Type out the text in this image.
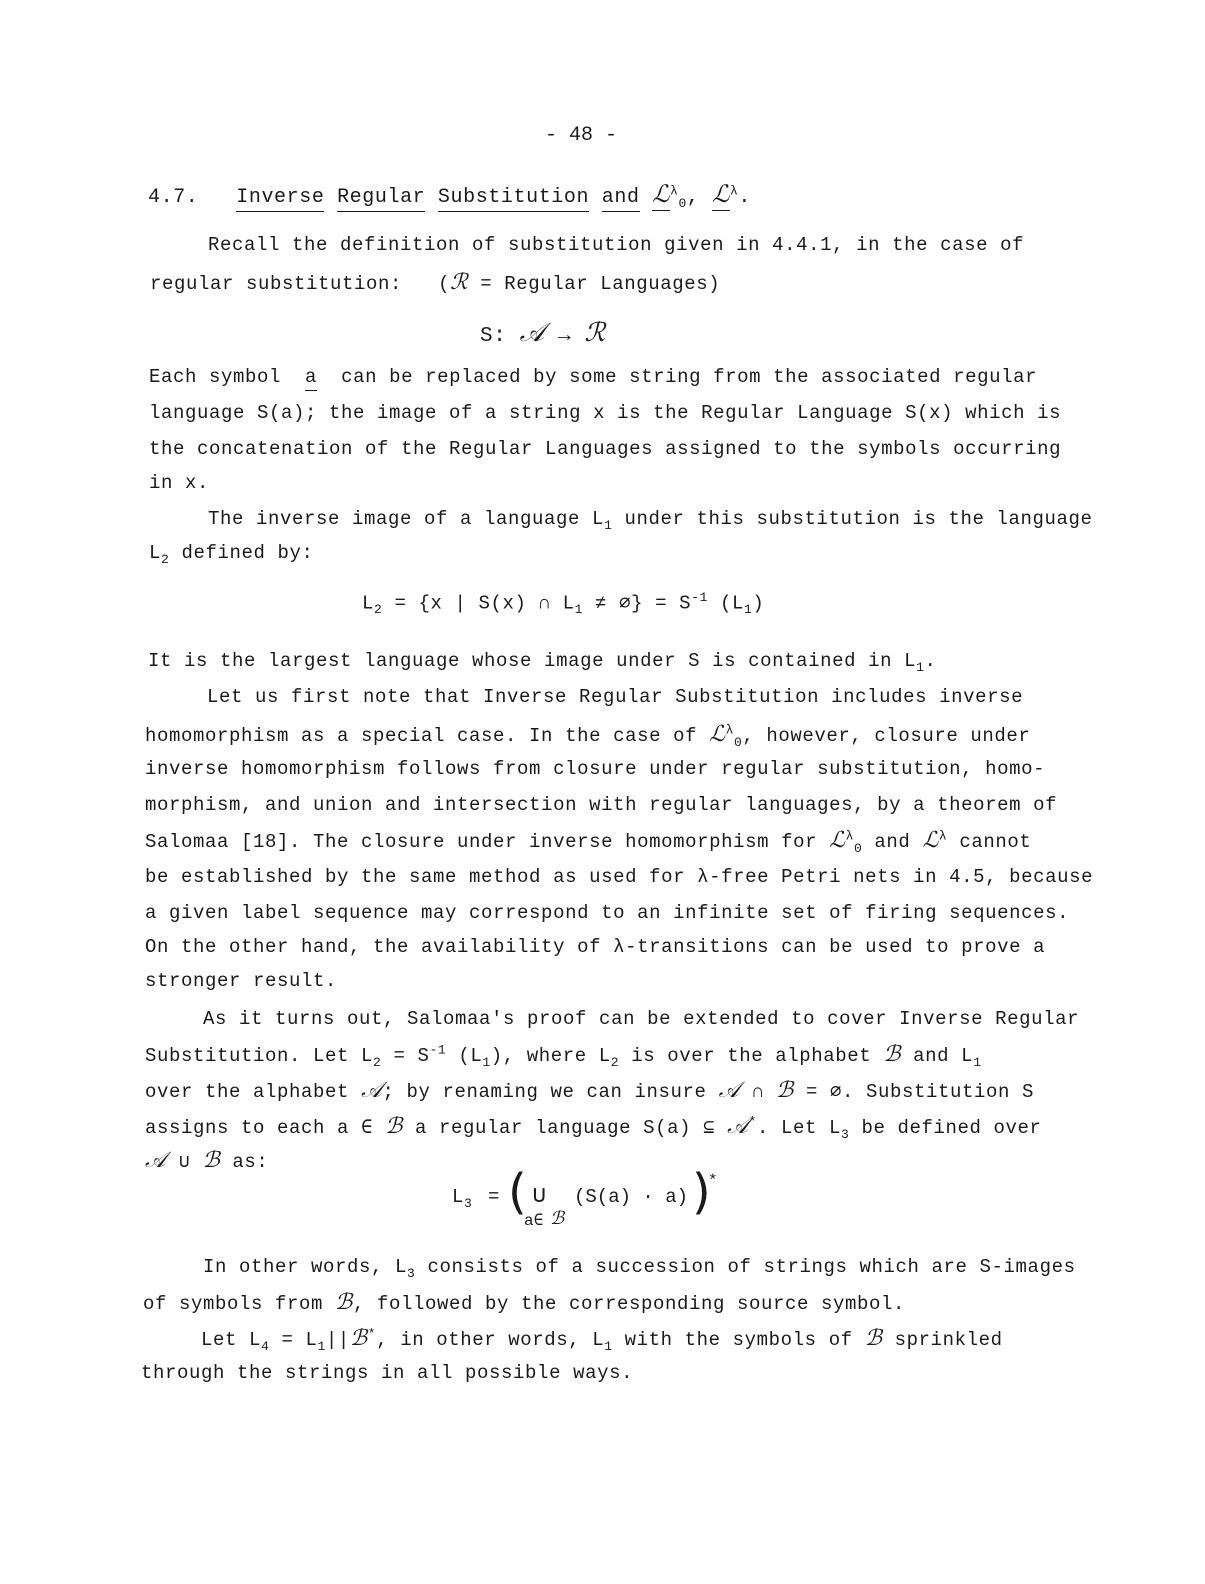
- 48 -
4.7. Inverse Regular Substitution and ℒ$^\lambda_0$, ℒ$^\lambda$.
Recall the definition of substitution given in 4.4.1, in the case of
regular substitution: (ℛ = Regular Languages)
S: 𝒜 → ℛ
Each symbol a can be replaced by some string from the associated regular
language S(a); the image of a string x is the Regular Language S(x) which is
the concatenation of the Regular Languages assigned to the symbols occurring
in x.
The inverse image of a language $L_1$ under this substitution is the language
$L_2$ defined by:
$L_2 = \{x$ | S(x) ∩ $L_1$ ≠ ∅} = $S^{-1}$ $(L_1)$
It is the largest language whose image under S is contained in $L_1$.
Let us first note that Inverse Regular Substitution includes inverse
homomorphism as a special case. In the case of ℒ$^\lambda_0$, however, closure under
inverse homomorphism follows from closure under regular substitution, homo-
morphism, and union and intersection with regular languages, by a theorem of
Salomaa [18]. The closure under inverse homomorphism for ℒ$^\lambda_0$ and ℒ$^\lambda$ cannot
be established by the same method as used for λ-free Petri nets in 4.5, because
a given label sequence may correspond to an infinite set of firing sequences.
On the other hand, the availability of λ-transitions can be used to prove a
stronger result.
As it turns out, Salomaa's proof can be extended to cover Inverse Regular
Substitution. Let $L_2 = S^{-1}$ $(L_1)$, where $L_2$ is over the alphabet ℬ and $L_1$
over the alphabet 𝒜; by renaming we can insure 𝒜 ∩ ℬ = ∅. Substitution S
assigns to each a ∈ ℬ a regular language S(a) ⊆ 𝒜*. Let $L_3$ be defined over
𝒜 ∪ ℬ as:
L 3 = ( ∪
a∈ ℬ
(S(a) · a) )
*
In other words, $L_3$ consists of a succession of strings which are S-images
of symbols from ℬ, followed by the corresponding source symbol.
Let $L_4$ = $L_1||ℬ^*$, in other words, $L_1$ with the symbols of ℬ sprinkled
through the strings in all possible ways.
